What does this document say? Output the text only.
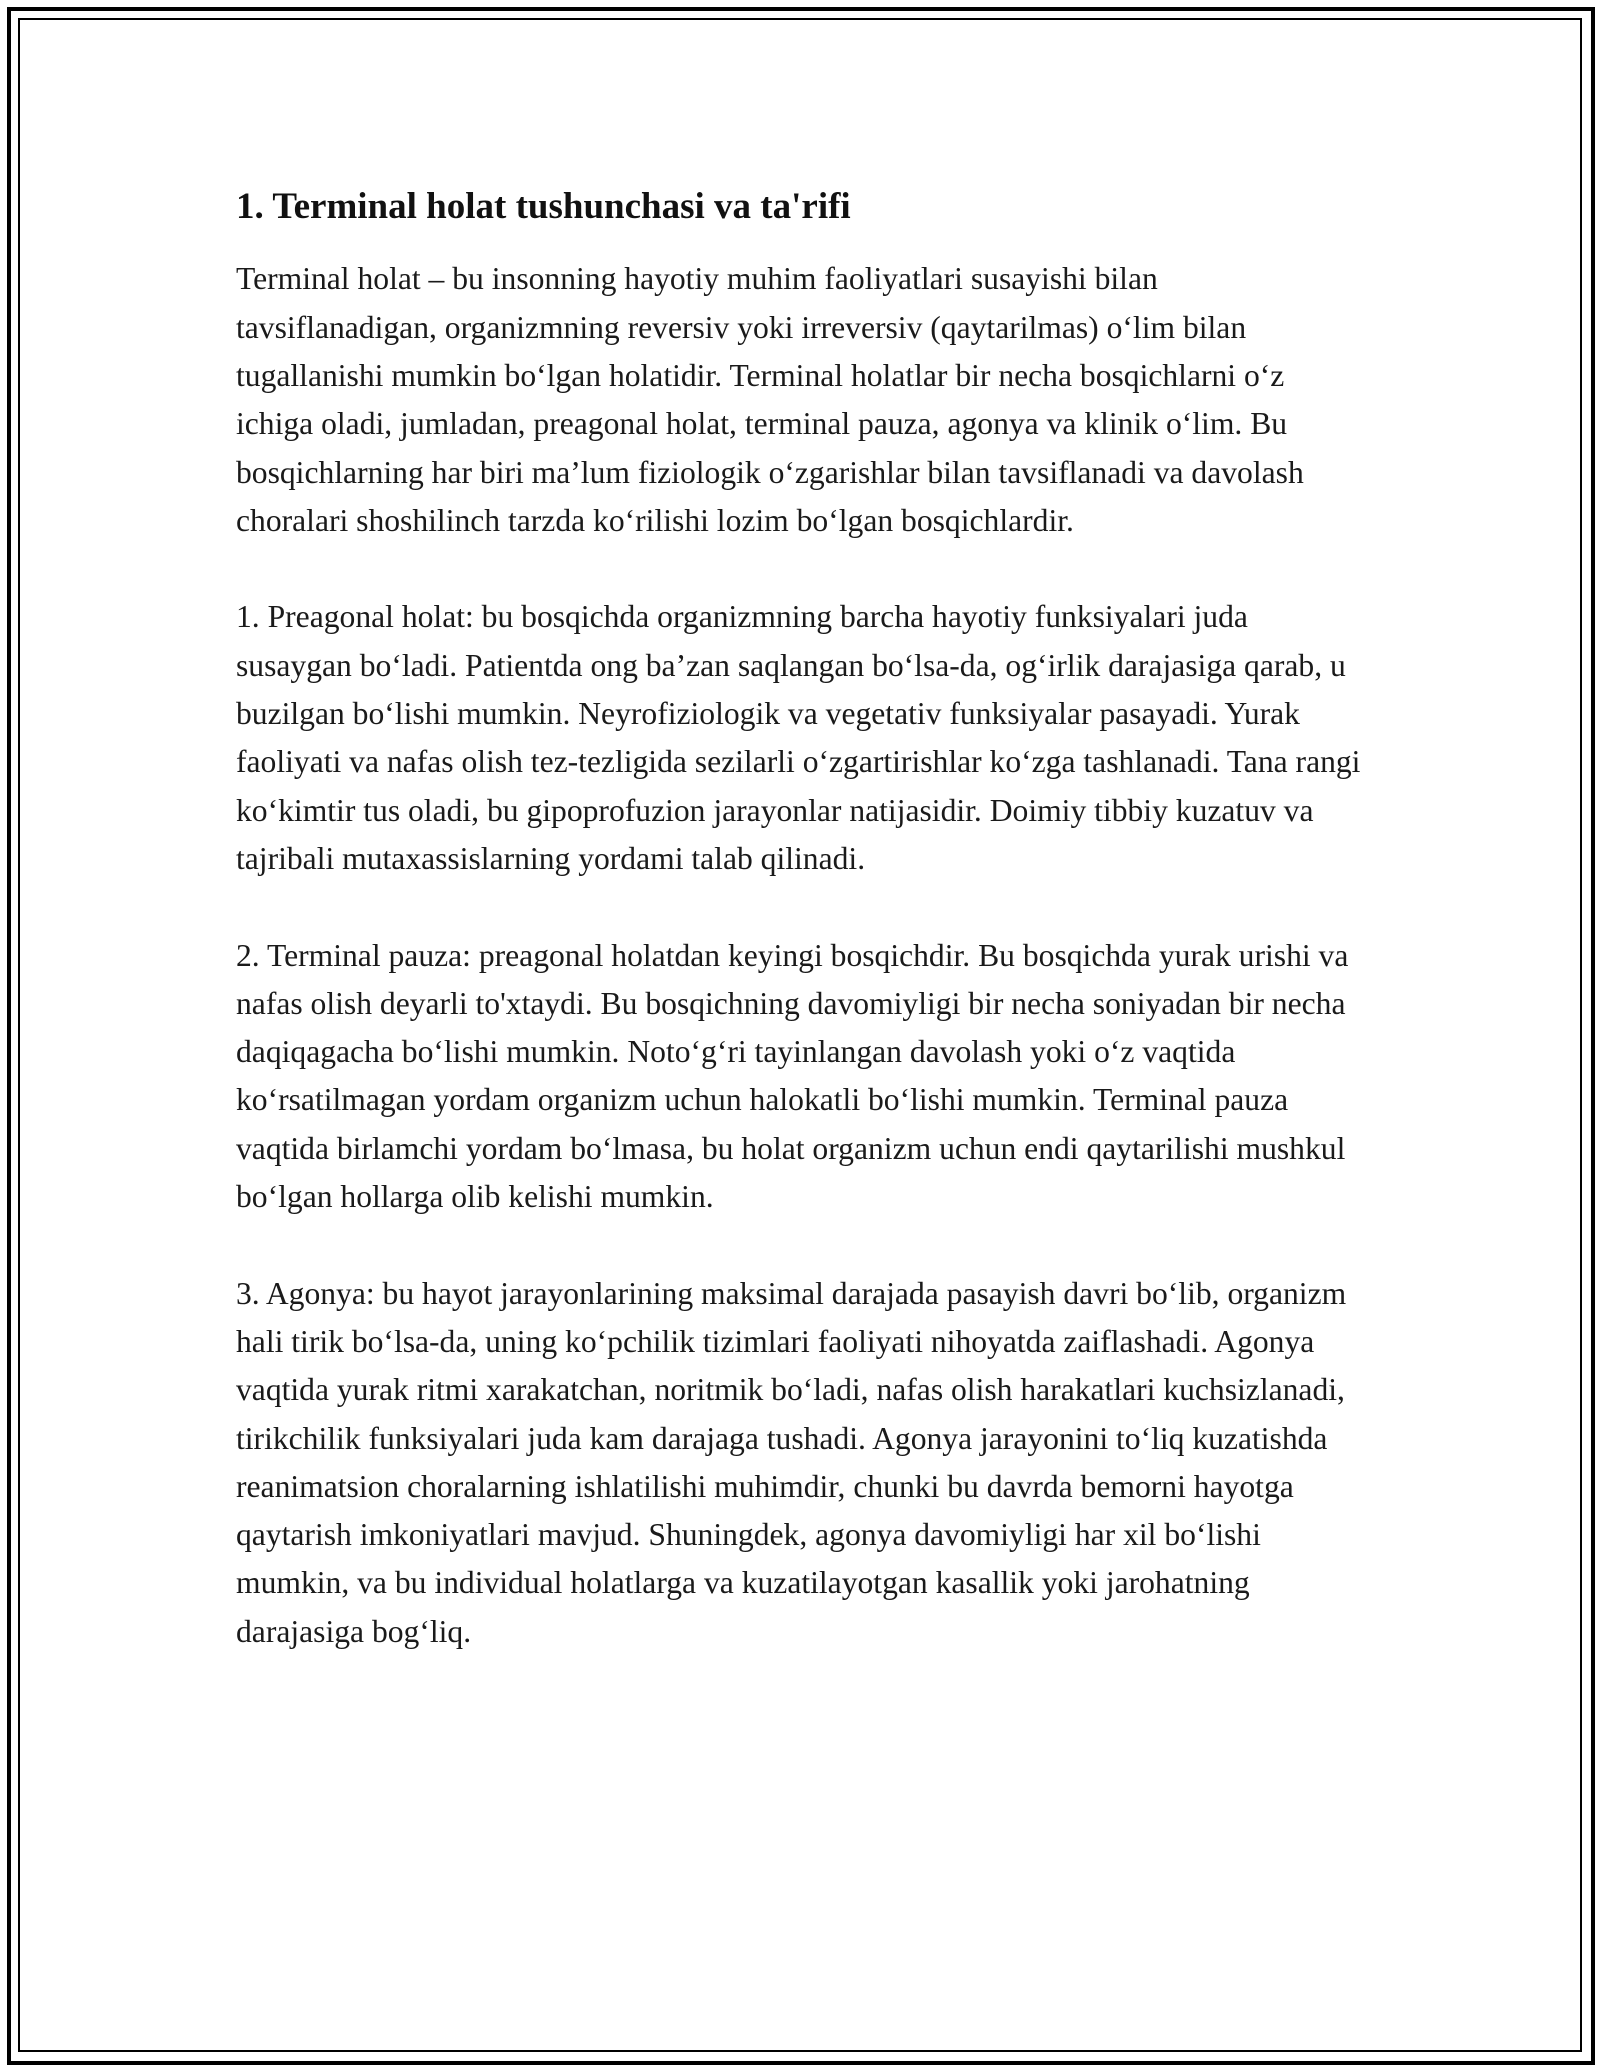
1. Terminal holat tushunchasi va ta'rifi

Terminal holat – bu insonning hayotiy muhim faoliyatlari susayishi bilan tavsiflanadigan, organizmning reversiv yoki irreversiv (qaytarilmas) oʻlim bilan tugallanishi mumkin boʻlgan holatidir. Terminal holatlar bir necha bosqichlarni oʻz ichiga oladi, jumladan, preagonal holat, terminal pauza, agonya va klinik oʻlim. Bu bosqichlarning har biri maʼlum fiziologik oʻzgarishlar bilan tavsiflanadi va davolash choralari shoshilinch tarzda koʻrilishi lozim boʻlgan bosqichlardir.

1. Preagonal holat: bu bosqichda organizmning barcha hayotiy funksiyalari juda susaygan boʻladi. Patientda ong baʼzan saqlangan boʻlsa-da, ogʻirlik darajasiga qarab, u buzilgan boʻlishi mumkin. Neyrofiziologik va vegetativ funksiyalar pasayadi. Yurak faoliyati va nafas olish tez-tezligida sezilarli oʻzgartirishlar koʻzga tashlanadi. Tana rangi koʻkimtir tus oladi, bu gipoprofuzion jarayonlar natijasidir. Doimiy tibbiy kuzatuv va tajribali mutaxassislarning yordami talab qilinadi.

2. Terminal pauza: preagonal holatdan keyingi bosqichdir. Bu bosqichda yurak urishi va nafas olish deyarli to'xtaydi. Bu bosqichning davomiyligi bir necha soniyadan bir necha daqiqagacha boʻlishi mumkin. Notoʻgʻri tayinlangan davolash yoki oʻz vaqtida koʻrsatilmagan yordam organizm uchun halokatli boʻlishi mumkin. Terminal pauza vaqtida birlamchi yordam boʻlmasa, bu holat organizm uchun endi qaytarilishi mushkul boʻlgan hollarga olib kelishi mumkin.

3. Agonya: bu hayot jarayonlarining maksimal darajada pasayish davri boʻlib, organizm hali tirik boʻlsa-da, uning koʻpchilik tizimlari faoliyati nihoyatda zaiflashadi. Agonya vaqtida yurak ritmi xarakatchan, noritmik boʻladi, nafas olish harakatlari kuchsizlanadi, tirikchilik funksiyalari juda kam darajaga tushadi. Agonya jarayonini toʻliq kuzatishda reanimatsion choralarning ishlatilishi muhimdir, chunki bu davrda bemorni hayotga qaytarish imkoniyatlari mavjud. Shuningdek, agonya davomiyligi har xil boʻlishi mumkin, va bu individual holatlarga va kuzatilayotgan kasallik yoki jarohatning darajasiga bogʻliq.
